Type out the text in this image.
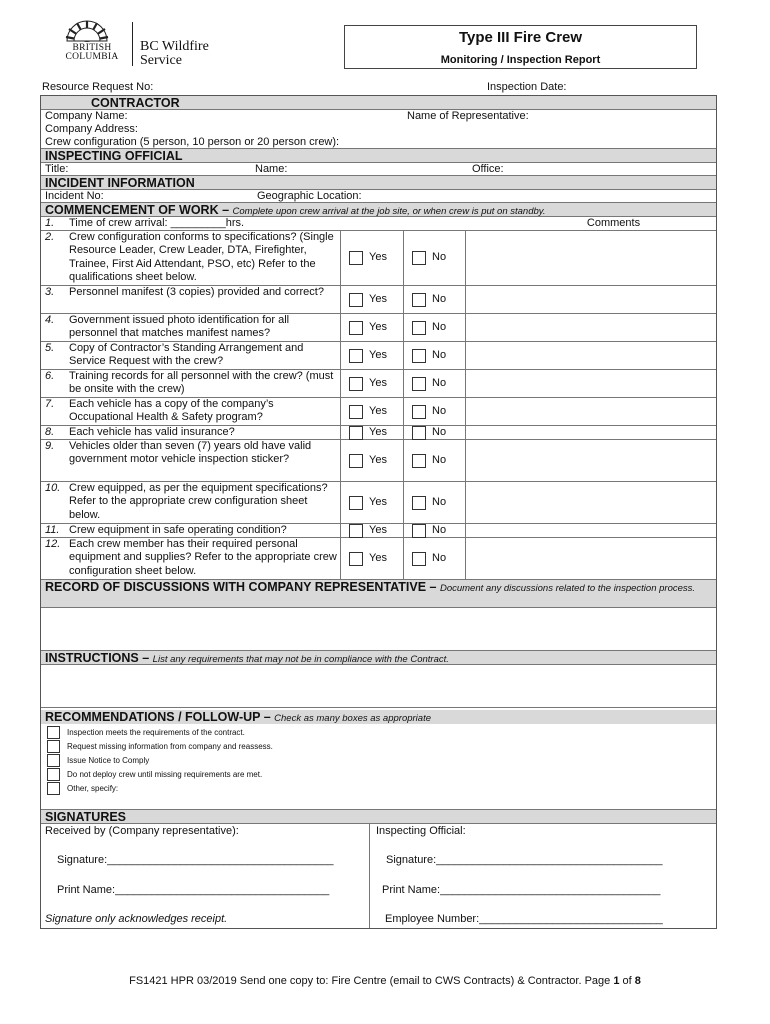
BRITISH
COLUMBIA
BC Wildfire
Service
Type III Fire Crew
Monitoring / Inspection Report
Resource Request No:	Inspection Date:
CONTRACTOR
Company Name:	Name of Representative:
Company Address:
Crew configuration (5 person, 10 person or 20 person crew):
INSPECTING OFFICIAL
Title:	Name:	Office:
INCIDENT INFORMATION
Incident No:	Geographic Location:
COMMENCEMENT OF WORK – Complete upon crew arrival at the job site, or when crew is put on standby.
1.	Time of crew arrival: _________hrs.	Comments
2.	Crew configuration conforms to specifications? (Single Resource Leader, Crew Leader, DTA, Firefighter, Trainee, First Aid Attendant, PSO, etc) Refer to the qualifications sheet below.
Yes	No
3.	Personnel manifest (3 copies) provided and correct?
Yes	No
4.	Government issued photo identification for all personnel that matches manifest names?
Yes	No
5.	Copy of Contractor’s Standing Arrangement and Service Request with the crew?
Yes	No
6.	Training records for all personnel with the crew? (must be onsite with the crew)
Yes	No
7.	Each vehicle has a copy of the company’s Occupational Health & Safety program?
Yes	No
8.	Each vehicle has valid insurance?	Yes	No
9.	Vehicles older than seven (7) years old have valid government motor vehicle inspection sticker?	Yes	No
10. Crew equipped, as per the equipment specifications? Refer to the appropriate crew configuration sheet below.
Yes	No
11. Crew equipment in safe operating condition?	Yes	No
12. Each crew member has their required personal equipment and supplies? Refer to the appropriate crew configuration sheet below.
Yes	No
RECORD OF DISCUSSIONS WITH COMPANY REPRESENTATIVE – Document any discussions related to the inspection process.
INSTRUCTIONS – List any requirements that may not be in compliance with the Contract.
RECOMMENDATIONS / FOLLOW-UP – Check as many boxes as appropriate
Inspection meets the requirements of the contract.
Request missing information from company and reassess.
Issue Notice to Comply
Do not deploy crew until missing requirements are met.
Other, specify:
SIGNATURES
Received by (Company representative):	Inspecting Official:
Signature:_____________________________________	Signature:_____________________________________
Print Name:___________________________________	Print Name:____________________________________
Signature only acknowledges receipt.	Employee Number:______________________________
FS1421 HPR 03/2019 Send one copy to: Fire Centre (email to CWS Contracts) & Contractor. Page 1 of 8
